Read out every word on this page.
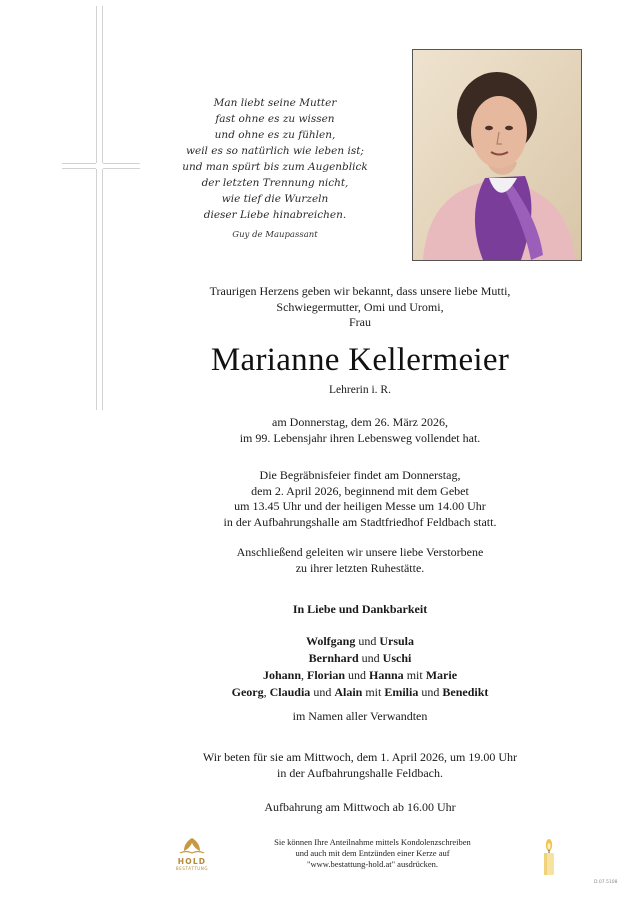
Man liebt seine Mutter
fast ohne es zu wissen
und ohne es zu fühlen,
weil es so natürlich wie leben ist;
und man spürt bis zum Augenblick
der letzten Trennung nicht,
wie tief die Wurzeln
dieser Liebe hinabreichen.
Guy de Maupassant
Traurigen Herzens geben wir bekannt, dass unsere liebe Mutti,
Schwiegermutter, Omi und Uromi,
Frau
Marianne Kellermeier
Lehrerin i. R.
am Donnerstag, dem 26. März 2026,
im 99. Lebensjahr ihren Lebensweg vollendet hat.
Die Begräbnisfeier findet am Donnerstag,
dem 2. April 2026, beginnend mit dem Gebet
um 13.45 Uhr und der heiligen Messe um 14.00 Uhr
in der Aufbahrungshalle am Stadtfriedhof Feldbach statt.
Anschließend geleiten wir unsere liebe Verstorbene
zu ihrer letzten Ruhestätte.
In Liebe und Dankbarkeit
Wolfgang und Ursula
Bernhard und Uschi
Johann, Florian und Hanna mit Marie
Georg, Claudia und Alain mit Emilia und Benedikt
im Namen aller Verwandten
Wir beten für sie am Mittwoch, dem 1. April 2026, um 19.00 Uhr
in der Aufbahrungshalle Feldbach.
Aufbahrung am Mittwoch ab 16.00 Uhr
HOLD
BESTATTUNG
Sie können Ihre Anteilnahme mittels Kondolenzschreiben
und auch mit dem Entzünden einer Kerze auf
"www.bestattung-hold.at" ausdrücken.
D.07.5108
